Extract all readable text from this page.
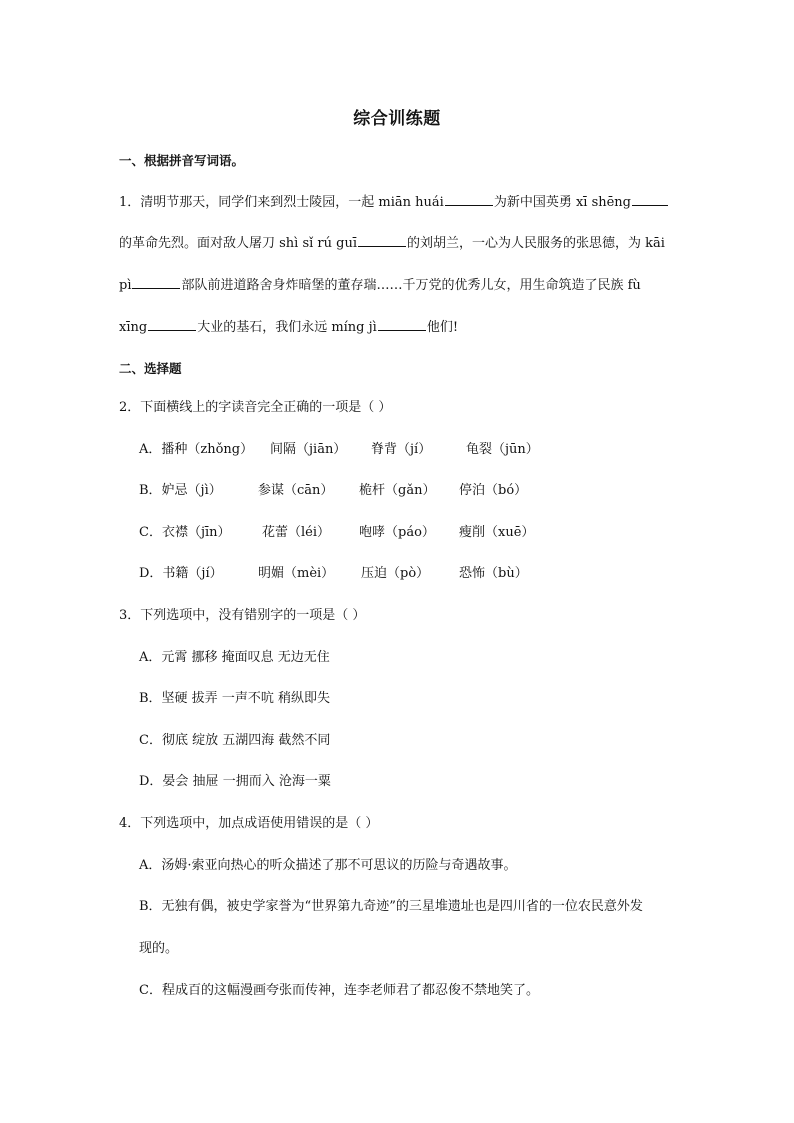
综合训练题
一、根据拼音写词语。
1．清明节那天，同学们来到烈士陵园，一起 miān huái	为新中国英勇 xī shēng
的革命先烈。面对敌人屠刀 shì sǐ rú guī	的刘胡兰，一心为人民服务的张思德，为 kāi
pì	部队前进道路舍身炸暗堡的董存瑞……千万党的优秀儿女，用生命筑造了民族 fù
xīng	大业的基石，我们永远 míng jì	他们!
二、选择题
2．下面横线上的字读音完全正确的一项是（ ）
A．播种（zhǒng） 间隔（jiān） 脊背（jí）	龟裂（jūn）
B．妒忌（jì）	参谋（cān） 桅杆（gǎn） 停泊（bó）
C．衣襟（jīn） 花蕾（léi） 咆哮（páo） 瘦削（xuē）
D．书籍（jí）	明媚（mèi） 压迫（pò） 恐怖（bù）
3．下列选项中，没有错别字的一项是（ ）
A．元霄 挪移 掩面叹息 无边无住
B．坚硬 拔弄 一声不吭 稍纵即失
C．彻底 绽放 五湖四海 截然不同
D．晏会 抽屉 一拥而入 沧海一粟
4．下列选项中，加点成语使用错误的是（ ）
A．汤姆·索亚向热心的听众描述了那不可思议的历险与奇遇故事。
B．无独有偶，被史学家誉为“世界第九奇迹”的三星堆遗址也是四川省的一位农民意外发
现的。
C．程成百的这幅漫画夸张而传神，连李老师君了都忍俊不禁地笑了。
